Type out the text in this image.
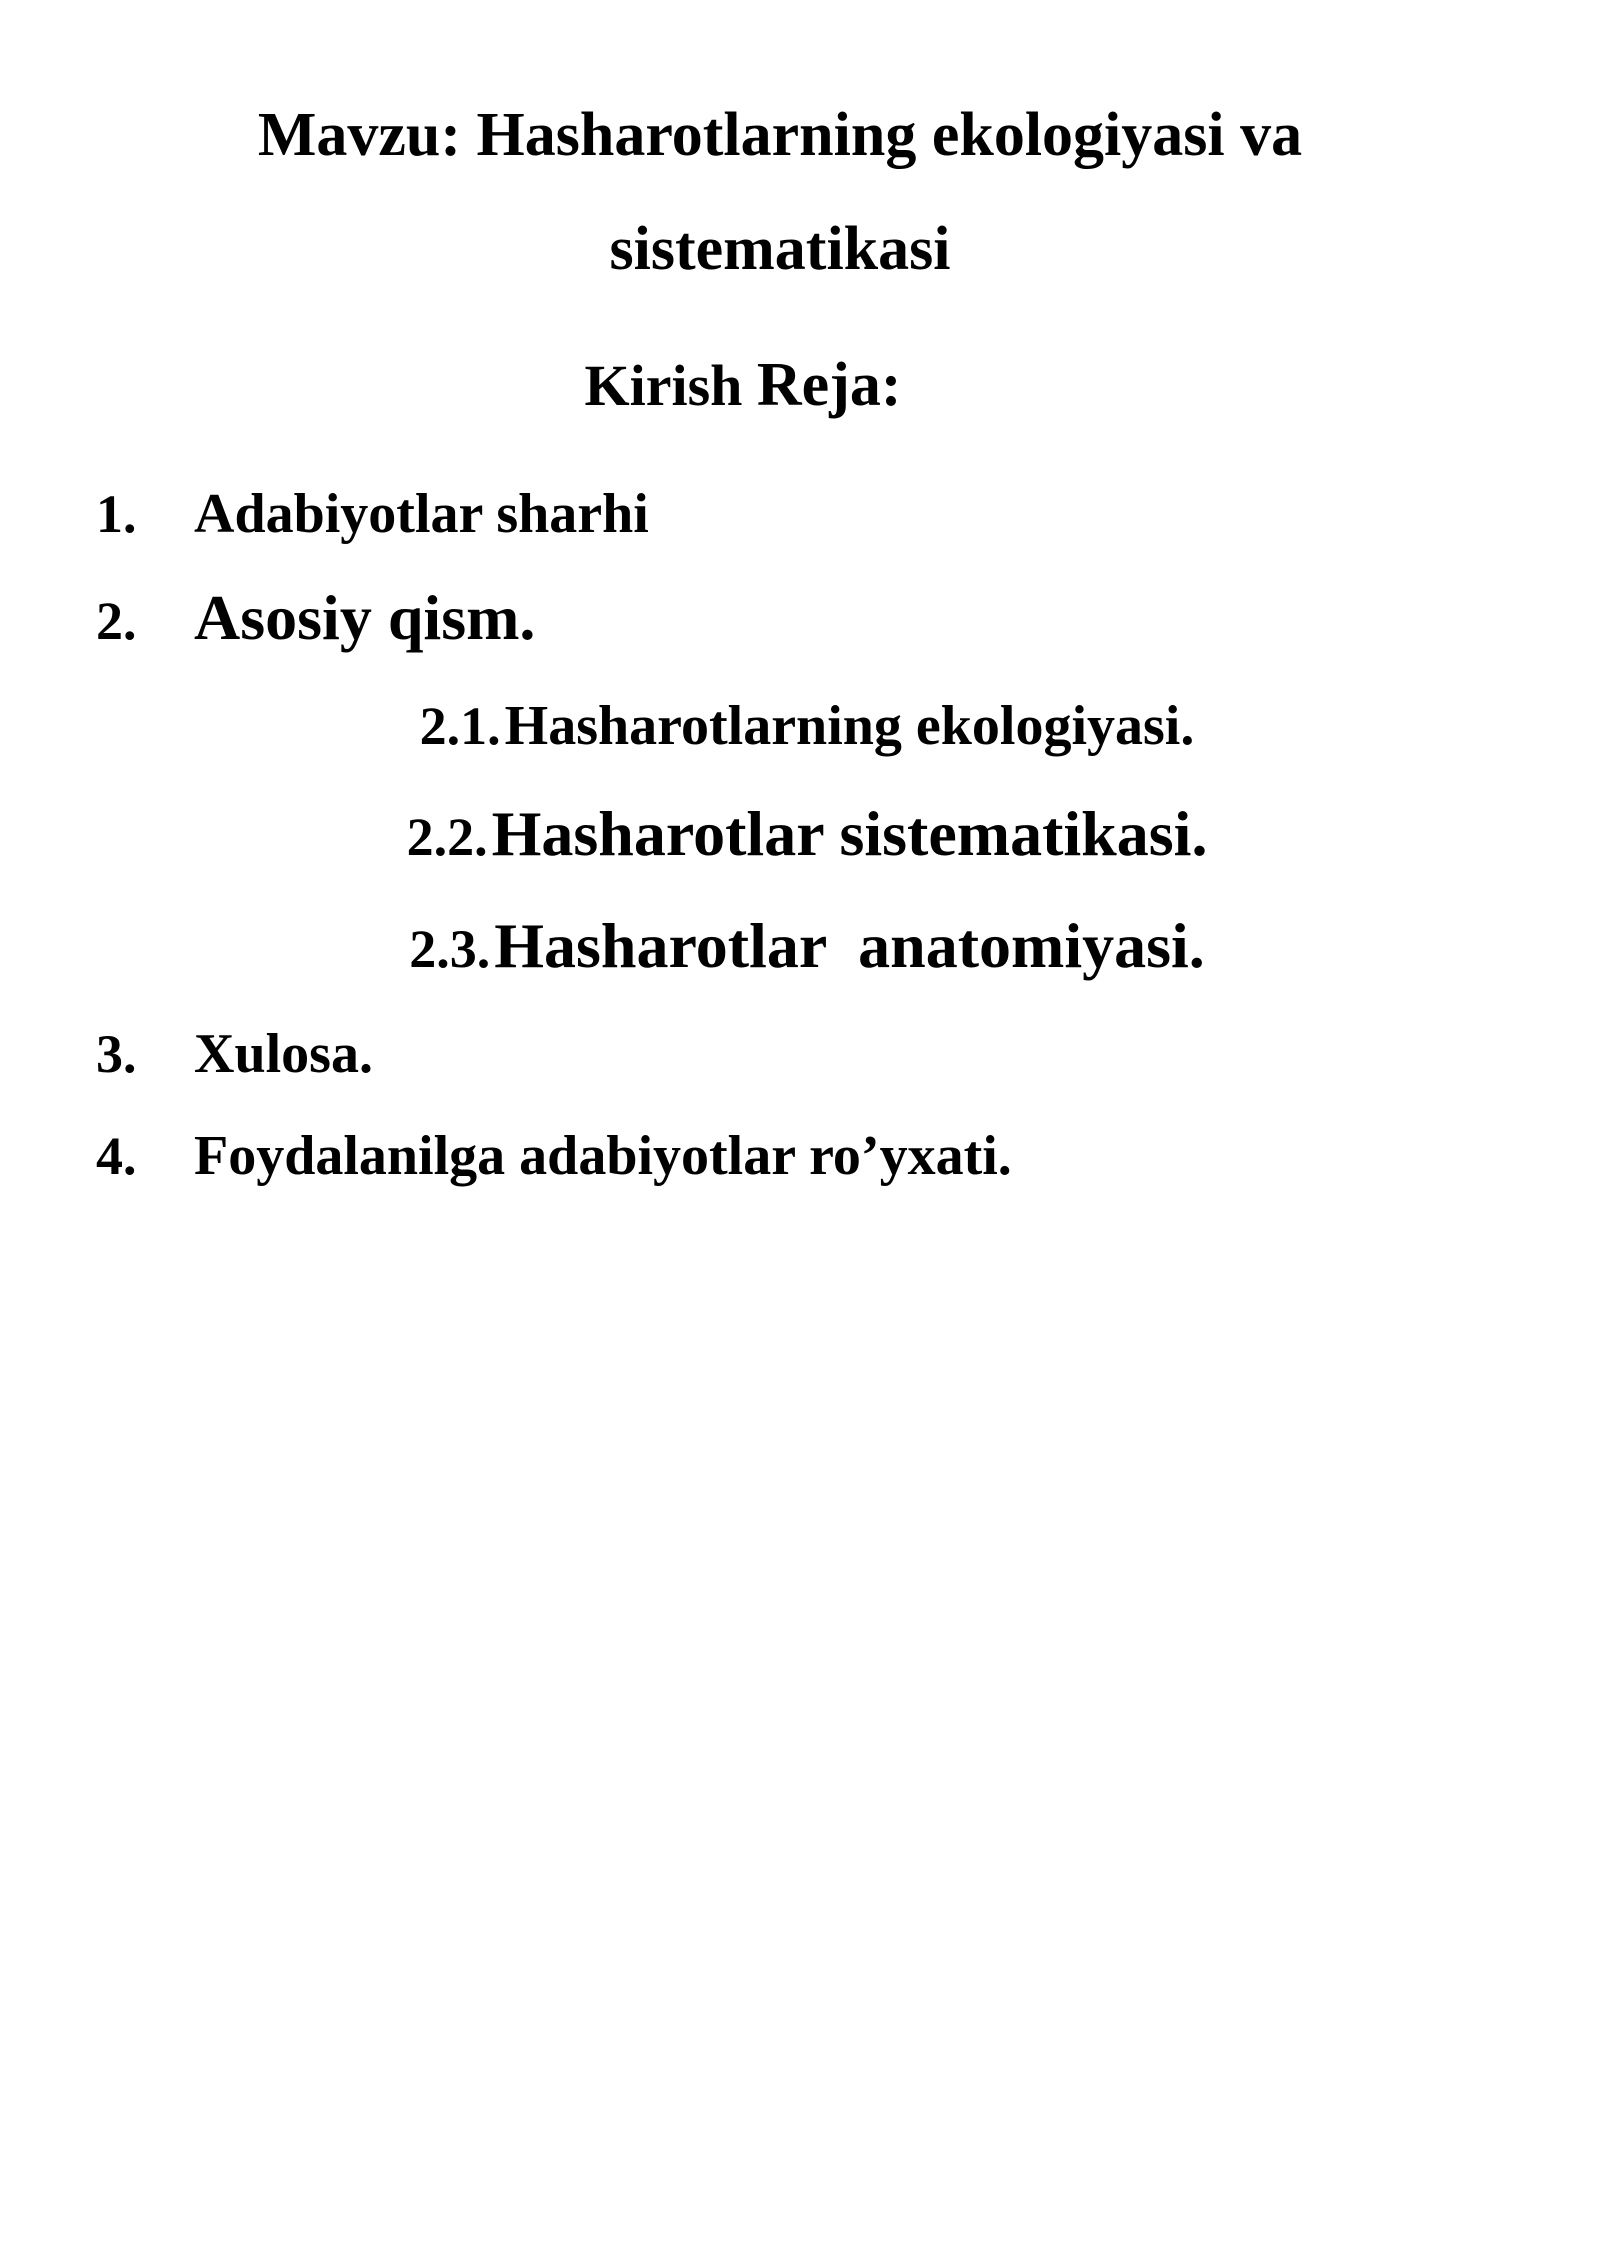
Mavzu: Hasharotlarning ekologiyasi va
sistematikasi
Kirish Reja:
1. Adabiyotlar sharhi
2. Asosiy qism.
2.1. Hasharotlarning ekologiyasi.
2.2. Hasharotlar sistematikasi.
2.3. Hasharotlar  anatomiyasi.
3. Xulosa.
4. Foydalanilga adabiyotlar ro’yxati.
